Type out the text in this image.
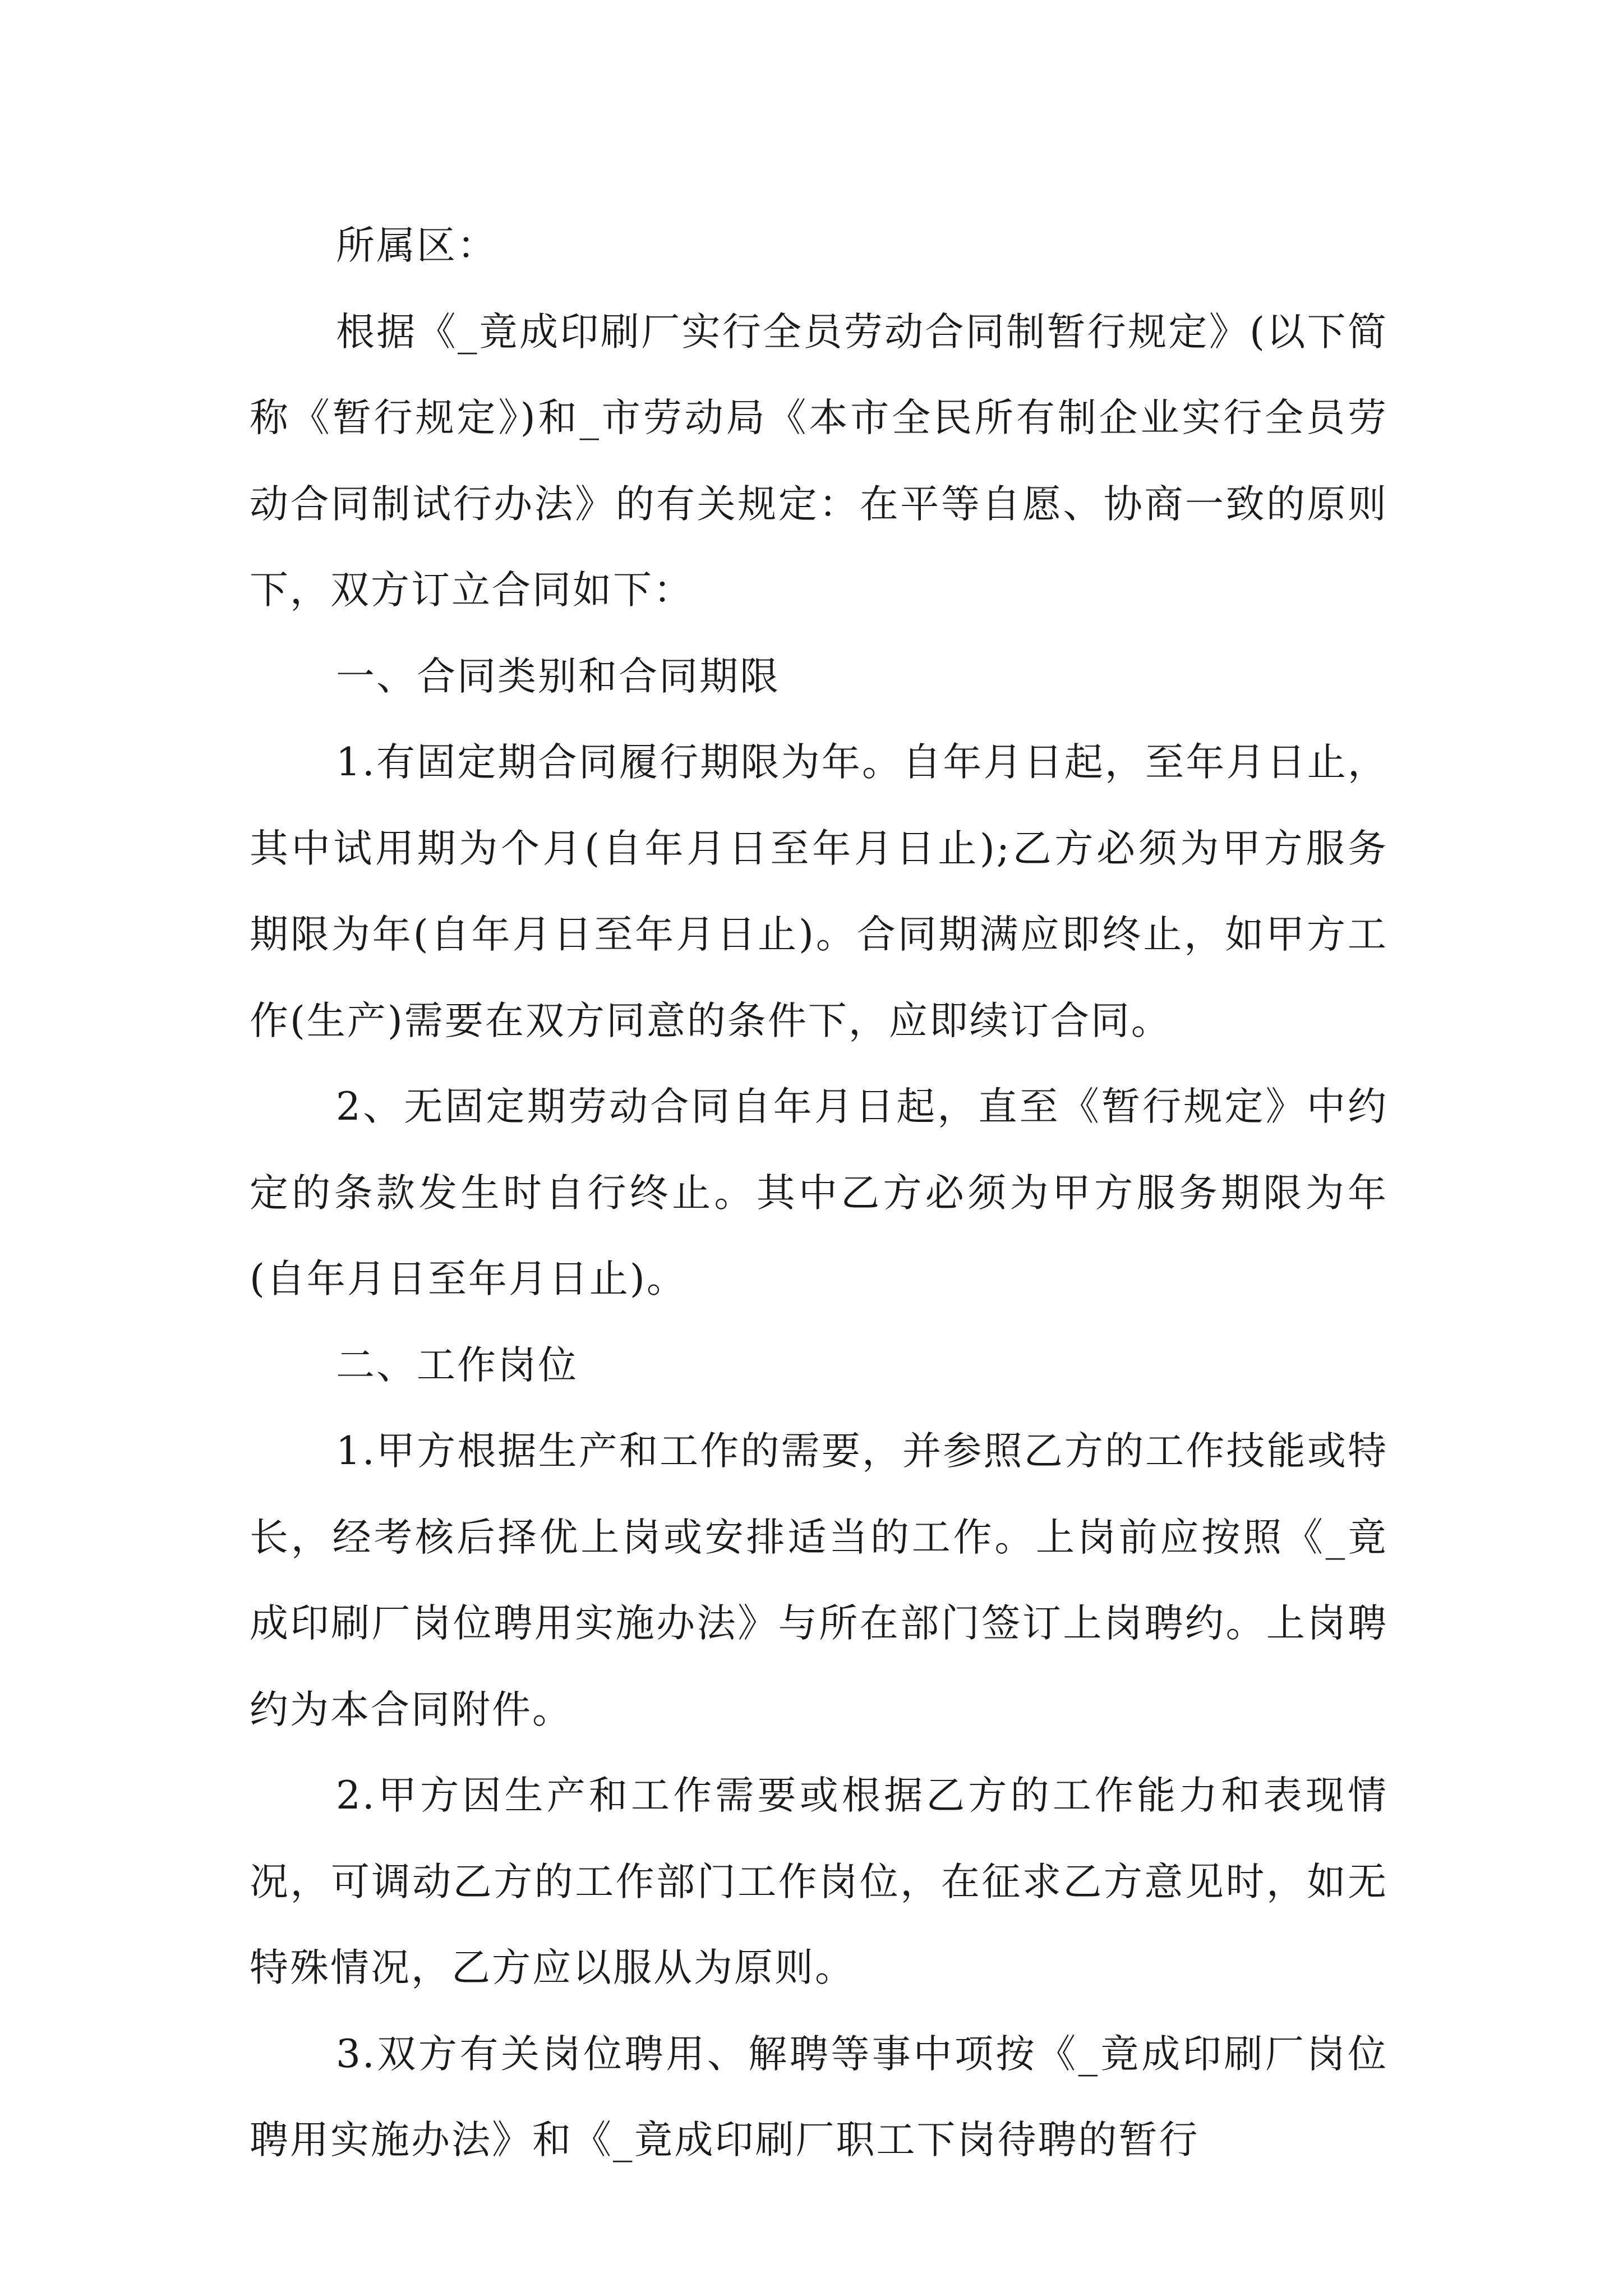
所属区：

根据《_竟成印刷厂实行全员劳动合同制暂行规定》(以下简称《暂行规定》)和_市劳动局《本市全民所有制企业实行全员劳动合同制试行办法》的有关规定：在平等自愿、协商一致的原则下，双方订立合同如下：

一、合同类别和合同期限

1.有固定期合同履行期限为年。自年月日起，至年月日止，其中试用期为个月(自年月日至年月日止);乙方必须为甲方服务期限为年(自年月日至年月日止)。合同期满应即终止，如甲方工作(生产)需要在双方同意的条件下，应即续订合同。

2、无固定期劳动合同自年月日起，直至《暂行规定》中约定的条款发生时自行终止。其中乙方必须为甲方服务期限为年(自年月日至年月日止)。

二、工作岗位

1.甲方根据生产和工作的需要，并参照乙方的工作技能或特长，经考核后择优上岗或安排适当的工作。上岗前应按照《_竟成印刷厂岗位聘用实施办法》与所在部门签订上岗聘约。上岗聘约为本合同附件。

2.甲方因生产和工作需要或根据乙方的工作能力和表现情况，可调动乙方的工作部门工作岗位，在征求乙方意见时，如无特殊情况，乙方应以服从为原则。

3.双方有关岗位聘用、解聘等事中项按《_竟成印刷厂岗位聘用实施办法》和《_竟成印刷厂职工下岗待聘的暂行
